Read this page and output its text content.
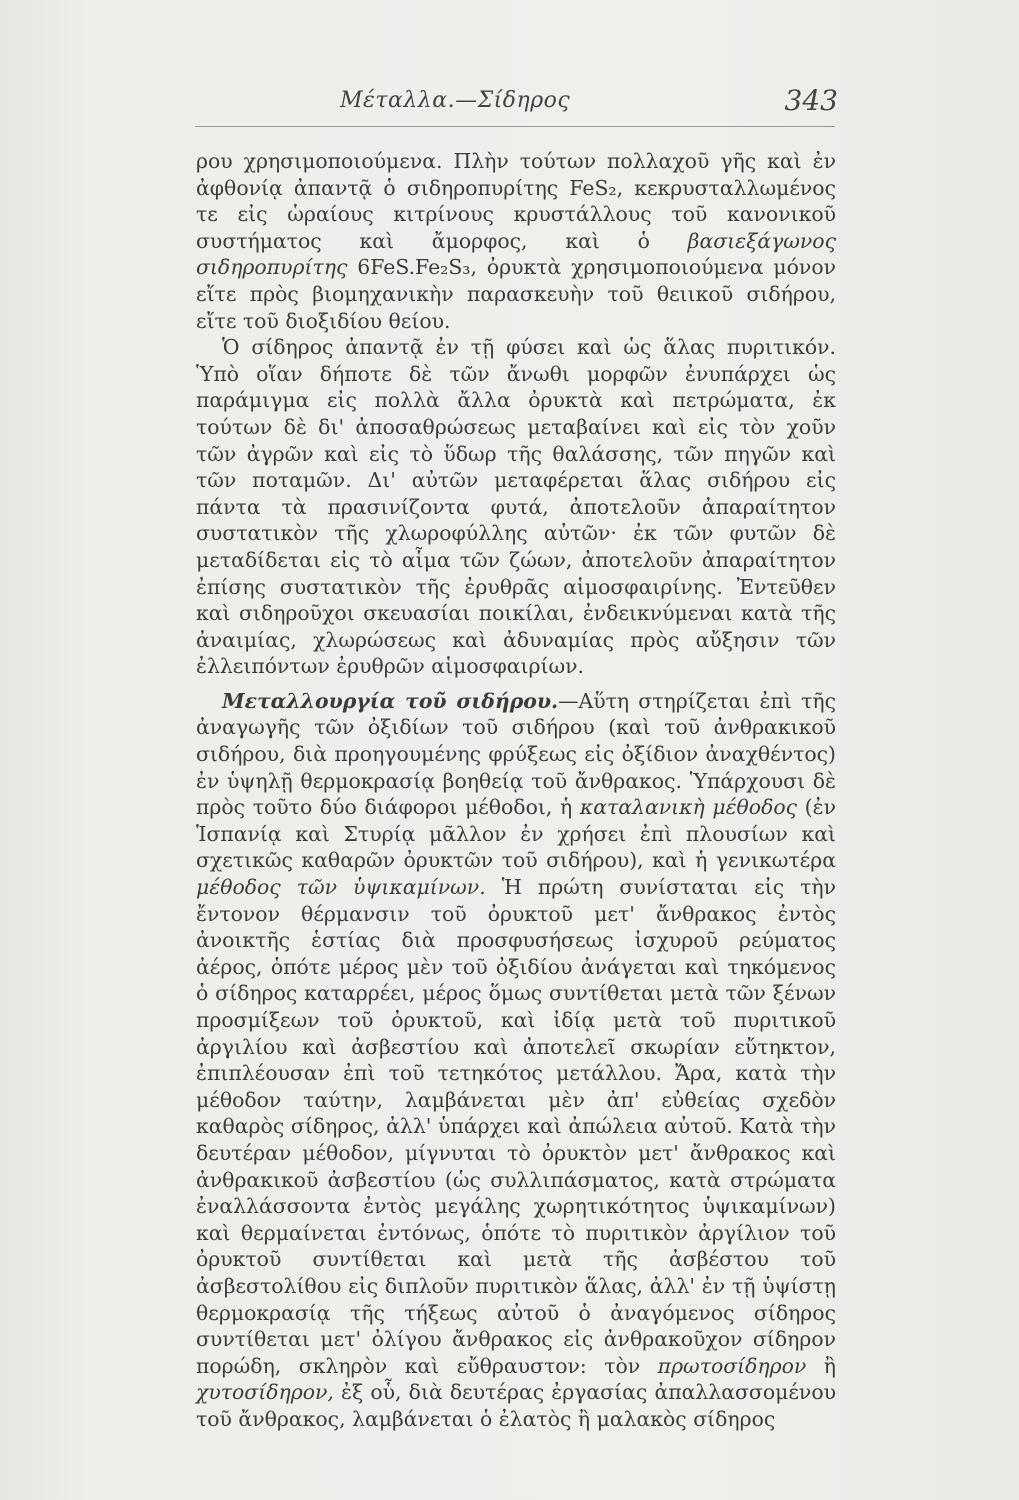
Μέταλλα.—Σίδηρος	343

ρου χρησιμοποιούμενα. Πλὴν τούτων πολλαχοῦ γῆς καὶ ἐν ἀφθονίᾳ ἀπαντᾷ ὁ σιδηροπυρίτης FeS₂, κεκρυσταλλωμένος τε εἰς ὡραίους κιτρίνους κρυστάλλους τοῦ κανονικοῦ συστήματος καὶ ἄμορφος, καὶ ὁ βασιεξάγωνος σιδηροπυρίτης 6FeS.Fe₂S₃, ὀρυκτὰ χρησιμοποιούμενα μόνον εἴτε πρὸς βιομηχανικὴν παρασκευὴν τοῦ θειικοῦ σιδήρου, εἴτε τοῦ διοξιδίου θείου.

Ὁ σίδηρος ἀπαντᾷ ἐν τῇ φύσει καὶ ὡς ἅλας πυριτικόν. Ὑπὸ οἵαν δήποτε δὲ τῶν ἄνωθι μορφῶν ἐνυπάρχει ὡς παράμιγμα εἰς πολλὰ ἄλλα ὀρυκτὰ καὶ πετρώματα, ἐκ τούτων δὲ δι' ἀποσαθρώσεως μεταβαίνει καὶ εἰς τὸν χοῦν τῶν ἀγρῶν καὶ εἰς τὸ ὕδωρ τῆς θαλάσσης, τῶν πηγῶν καὶ τῶν ποταμῶν. Δι' αὐτῶν μεταφέρεται ἅλας σιδήρου εἰς πάντα τὰ πρασινίζοντα φυτά, ἀποτελοῦν ἀπαραίτητον συστατικὸν τῆς χλωροφύλλης αὐτῶν· ἐκ τῶν φυτῶν δὲ μεταδίδεται εἰς τὸ αἷμα τῶν ζώων, ἀποτελοῦν ἀπαραίτητον ἐπίσης συστατικὸν τῆς ἐρυθρᾶς αἱμοσφαιρίνης. Ἐντεῦθεν καὶ σιδηροῦχοι σκευασίαι ποικίλαι, ἐνδεικνύμεναι κατὰ τῆς ἀναιμίας, χλωρώσεως καὶ ἀδυναμίας πρὸς αὔξησιν τῶν ἐλλειπόντων ἐρυθρῶν αἱμοσφαιρίων.

Μεταλλουργία τοῦ σιδήρου.—Αὕτη στηρίζεται ἐπὶ τῆς ἀναγωγῆς τῶν ὀξιδίων τοῦ σιδήρου (καὶ τοῦ ἀνθρακικοῦ σιδήρου, διὰ προηγουμένης φρύξεως εἰς ὀξίδιον ἀναχθέντος) ἐν ὑψηλῇ θερμοκρασίᾳ βοηθείᾳ τοῦ ἄνθρακος. Ὑπάρχουσι δὲ πρὸς τοῦτο δύο διάφοροι μέθοδοι, ἡ καταλανικὴ μέθοδος (ἐν Ἱσπανίᾳ καὶ Στυρίᾳ μᾶλλον ἐν χρήσει ἐπὶ πλουσίων καὶ σχετικῶς καθαρῶν ὀρυκτῶν τοῦ σιδήρου), καὶ ἡ γενικωτέρα μέθοδος τῶν ὑψικαμίνων. Ἡ πρώτη συνίσταται εἰς τὴν ἔντονον θέρμανσιν τοῦ ὀρυκτοῦ μετ' ἄνθρακος ἐντὸς ἀνοικτῆς ἑστίας διὰ προσφυσήσεως ἰσχυροῦ ρεύματος ἀέρος, ὁπότε μέρος μὲν τοῦ ὀξιδίου ἀνάγεται καὶ τηκόμενος ὁ σίδηρος καταρρέει, μέρος ὅμως συντίθεται μετὰ τῶν ξένων προσμίξεων τοῦ ὀρυκτοῦ, καὶ ἰδίᾳ μετὰ τοῦ πυριτικοῦ ἀργιλίου καὶ ἀσβεστίου καὶ ἀποτελεῖ σκωρίαν εὔτηκτον, ἐπιπλέουσαν ἐπὶ τοῦ τετηκότος μετάλλου. Ἄρα, κατὰ τὴν μέθοδον ταύτην, λαμβάνεται μὲν ἀπ' εὐθείας σχεδὸν καθαρὸς σίδηρος, ἀλλ' ὑπάρχει καὶ ἀπώλεια αὐτοῦ. Κατὰ τὴν δευτέραν μέθοδον, μίγνυται τὸ ὀρυκτὸν μετ' ἄνθρακος καὶ ἀνθρακικοῦ ἀσβεστίου (ὡς συλλιπάσματος, κατὰ στρώματα ἐναλλάσσοντα ἐντὸς μεγάλης χωρητικότητος ὑψικαμίνων) καὶ θερμαίνεται ἐντόνως, ὁπότε τὸ πυριτικὸν ἀργίλιον τοῦ ὀρυκτοῦ συντίθεται καὶ μετὰ τῆς ἀσβέστου τοῦ ἀσβεστολίθου εἰς διπλοῦν πυριτικὸν ἅλας, ἀλλ' ἐν τῇ ὑψίστῃ θερμοκρασίᾳ τῆς τήξεως αὐτοῦ ὁ ἀναγόμενος σίδηρος συντίθεται μετ' ὀλίγου ἄνθρακος εἰς ἀνθρακοῦχον σίδηρον πορώδη, σκληρὸν καὶ εὔθραυστον: τὸν πρωτοσίδηρον ἢ χυτοσίδηρον, ἐξ οὗ, διὰ δευτέρας ἐργασίας ἀπαλλασσομένου τοῦ ἄνθρακος, λαμβάνεται ὁ ἐλατὸς ἢ μαλακὸς σίδηρος
